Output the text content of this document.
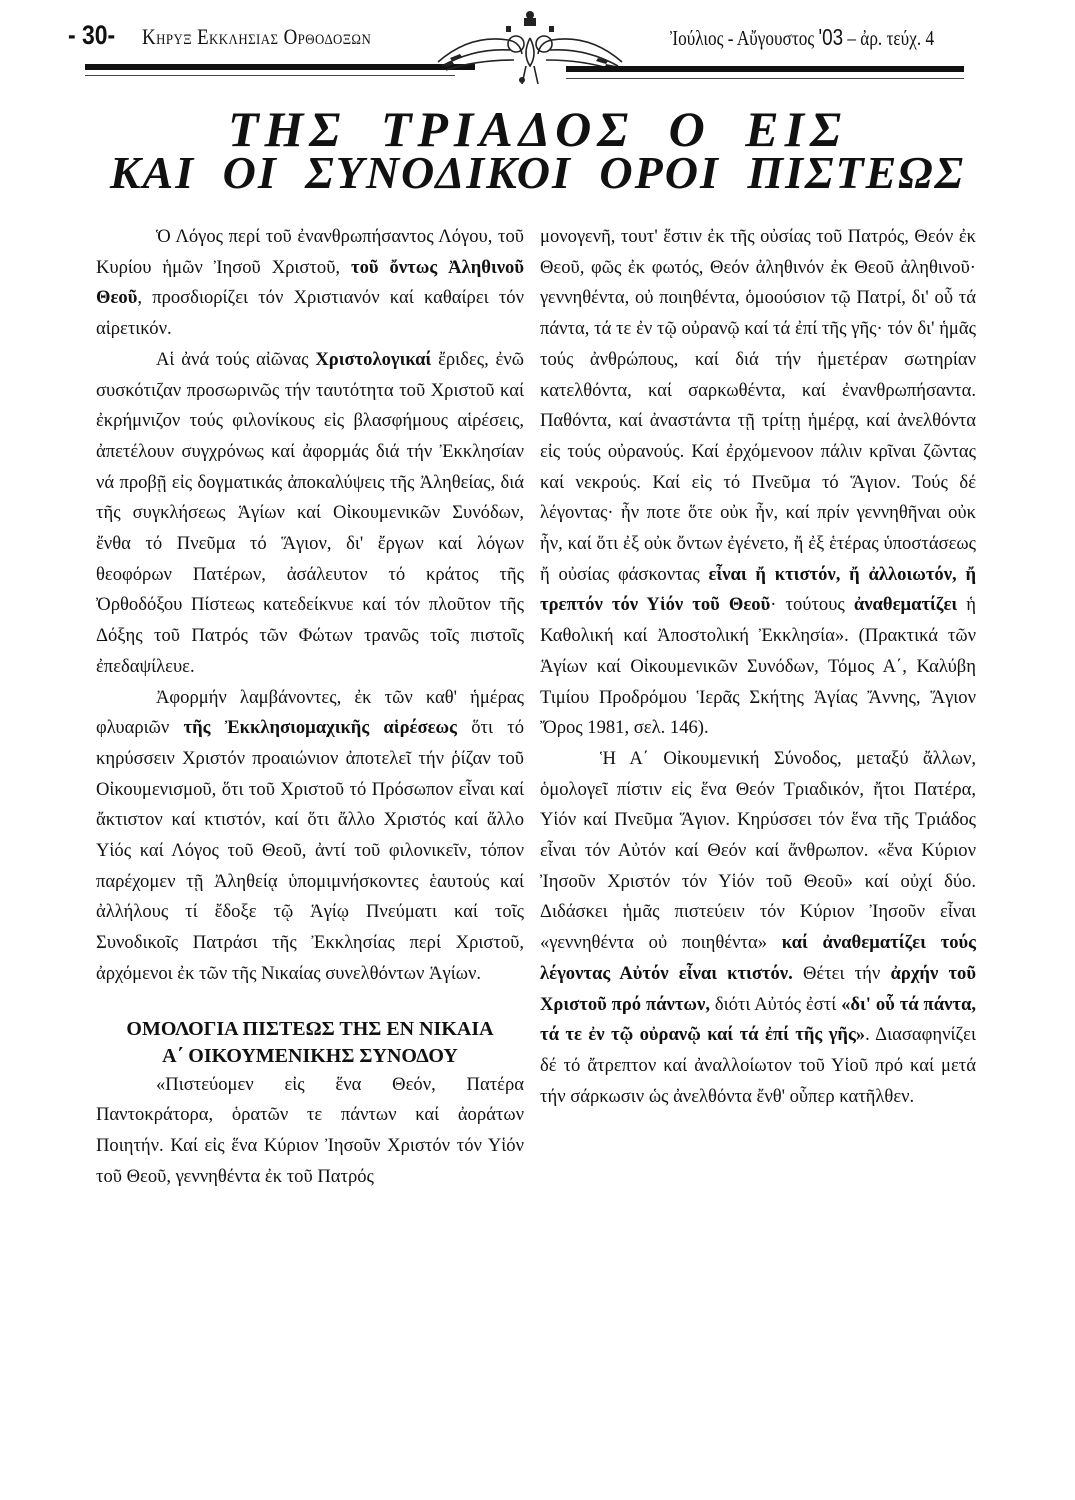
- 30- Κηρυξ Εκκλησιας Ορθοδοξων	Ἰούλιος - Αὔγουστος '03 – ἀρ. τεύχ. 4
ΤΗΣ ΤΡΙΑΔΟΣ Ο ΕΙΣ
ΚΑΙ ΟΙ ΣΥΝΟΔΙΚΟΙ ΟΡΟΙ ΠΙΣΤΕΩΣ

Ὁ Λόγος περί τοῦ ἐνανθρωπήσαντος Λόγου, τοῦ Κυρίου ἡμῶν Ἰησοῦ Χριστοῦ, τοῦ ὄντως Ἀληθινοῦ Θεοῦ, προσδιορίζει τόν Χριστιανόν καί καθαίρει τόν αἱρετικόν.

Αἱ ἀνά τούς αἰῶνας Χριστολογικαί ἔριδες, ἐνῶ συσκότιζαν προσωρινῶς τήν ταυτότητα τοῦ Χριστοῦ καί ἐκρήμνιζον τούς φιλονίκους εἰς βλασφήμους αἱρέσεις, ἀπετέλουν συγχρόνως καί ἀφορμάς διά τήν Ἐκκλησίαν νά προβῇ εἰς δογματικάς ἀποκαλύψεις τῆς Ἀληθείας, διά τῆς συγκλήσεως Ἁγίων καί Οἰκουμενικῶν Συνόδων, ἔνθα τό Πνεῦμα τό Ἅγιον, δι' ἔργων καί λόγων θεοφόρων Πατέρων, ἀσάλευτον τό κράτος τῆς Ὀρθοδόξου Πίστεως κατεδείκνυε καί τόν πλοῦτον τῆς Δόξης τοῦ Πατρός τῶν Φώτων τρανῶς τοῖς πιστοῖς ἐπεδαψίλευε.

Ἀφορμήν λαμβάνοντες, ἐκ τῶν καθ' ἡμέρας φλυαριῶν τῆς Ἐκκλησιομαχικῆς αἱρέσεως ὅτι τό κηρύσσειν Χριστόν προαιώνιον ἀποτελεῖ τήν ῥίζαν τοῦ Οἰκουμενισμοῦ, ὅτι τοῦ Χριστοῦ τό Πρόσωπον εἶναι καί ἄκτιστον καί κτιστόν, καί ὅτι ἄλλο Χριστός καί ἄλλο Υἱός καί Λόγος τοῦ Θεοῦ, ἀντί τοῦ φιλονικεῖν, τόπον παρέχομεν τῇ Ἀληθείᾳ ὑπομιμνήσκοντες ἑαυτούς καί ἀλλήλους τί ἔδοξε τῷ Ἁγίῳ Πνεύματι καί τοῖς Συνοδικοῖς Πατράσι τῆς Ἐκκλησίας περί Χριστοῦ, ἀρχόμενοι ἐκ τῶν τῆς Νικαίας συνελθόντων Ἁγίων.

ΟΜΟΛΟΓΙΑ ΠΙΣΤΕΩΣ ΤΗΣ ΕΝ ΝΙΚΑΙΑ
Α΄ ΟΙΚΟΥΜΕΝΙΚΗΣ ΣΥΝΟΔΟΥ

«Πιστεύομεν εἰς ἕνα Θεόν, Πατέρα Παντοκράτορα, ὁρατῶν τε πάντων καί ἀοράτων Ποιητήν. Καί εἰς ἕνα Κύριον Ἰησοῦν Χριστόν τόν Υἱόν τοῦ Θεοῦ, γεννηθέντα ἐκ τοῦ Πατρός

μονογενῆ, τουτ' ἔστιν ἐκ τῆς οὐσίας τοῦ Πατρός, Θεόν ἐκ Θεοῦ, φῶς ἐκ φωτός, Θεόν ἀληθινόν ἐκ Θεοῦ ἀληθινοῦ· γεννηθέντα, οὐ ποιηθέντα, ὁμοούσιον τῷ Πατρί, δι' οὗ τά πάντα, τά τε ἐν τῷ οὐρανῷ καί τά ἐπί τῆς γῆς· τόν δι' ἡμᾶς τούς ἀνθρώπους, καί διά τήν ἡμετέραν σωτηρίαν κατελθόντα, καί σαρκωθέντα, καί ἐνανθρωπήσαντα. Παθόντα, καί ἀναστάντα τῇ τρίτῃ ἡμέρᾳ, καί ἀνελθόντα εἰς τούς οὐρανούς. Καί ἐρχόμενοον πάλιν κρῖναι ζῶντας καί νεκρούς. Καί εἰς τό Πνεῦμα τό Ἅγιον. Τούς δέ λέγοντας· ἦν ποτε ὅτε οὐκ ἦν, καί πρίν γεννηθῆναι οὐκ ἦν, καί ὅτι ἐξ οὐκ ὄντων ἐγένετο, ἤ ἐξ ἑτέρας ὑποστάσεως ἤ οὐσίας φάσκοντας εἶναι ἤ κτιστόν, ἤ ἀλλοιωτόν, ἤ τρεπτόν τόν Υἱόν τοῦ Θεοῦ· τούτους ἀναθεματίζει ἡ Καθολική καί Ἀποστολική Ἐκκλησία». (Πρακτικά τῶν Ἁγίων καί Οἰκουμενικῶν Συνόδων, Τόμος Α΄, Καλύβη Τιμίου Προδρόμου Ἱερᾶς Σκήτης Ἁγίας Ἄννης, Ἅγιον Ὄρος 1981, σελ. 146).

Ἡ Α΄ Οἰκουμενική Σύνοδος, μεταξύ ἄλλων, ὁμολογεῖ πίστιν εἰς ἕνα Θεόν Τριαδικόν, ἤτοι Πατέρα, Υἱόν καί Πνεῦμα Ἅγιον. Κηρύσσει τόν ἕνα τῆς Τριάδος εἶναι τόν Αὐτόν καί Θεόν καί ἄνθρωπον. «ἕνα Κύριον Ἰησοῦν Χριστόν τόν Υἱόν τοῦ Θεοῦ» καί οὐχί δύο. Διδάσκει ἡμᾶς πιστεύειν τόν Κύριον Ἰησοῦν εἶναι «γεννηθέντα οὐ ποιηθέντα» καί ἀναθεματίζει τούς λέγοντας Αὐτόν εἶναι κτιστόν. Θέτει τήν ἀρχήν τοῦ Χριστοῦ πρό πάντων, διότι Αὐτός ἐστί «δι' οὗ τά πάντα, τά τε ἐν τῷ οὐρανῷ καί τά ἐπί τῆς γῆς». Διασαφηνίζει δέ τό ἄτρεπτον καί ἀναλλοίωτον τοῦ Υἱοῦ πρό καί μετά τήν σάρκωσιν ὡς ἀνελθόντα ἔνθ' οὗπερ κατῆλθεν.
